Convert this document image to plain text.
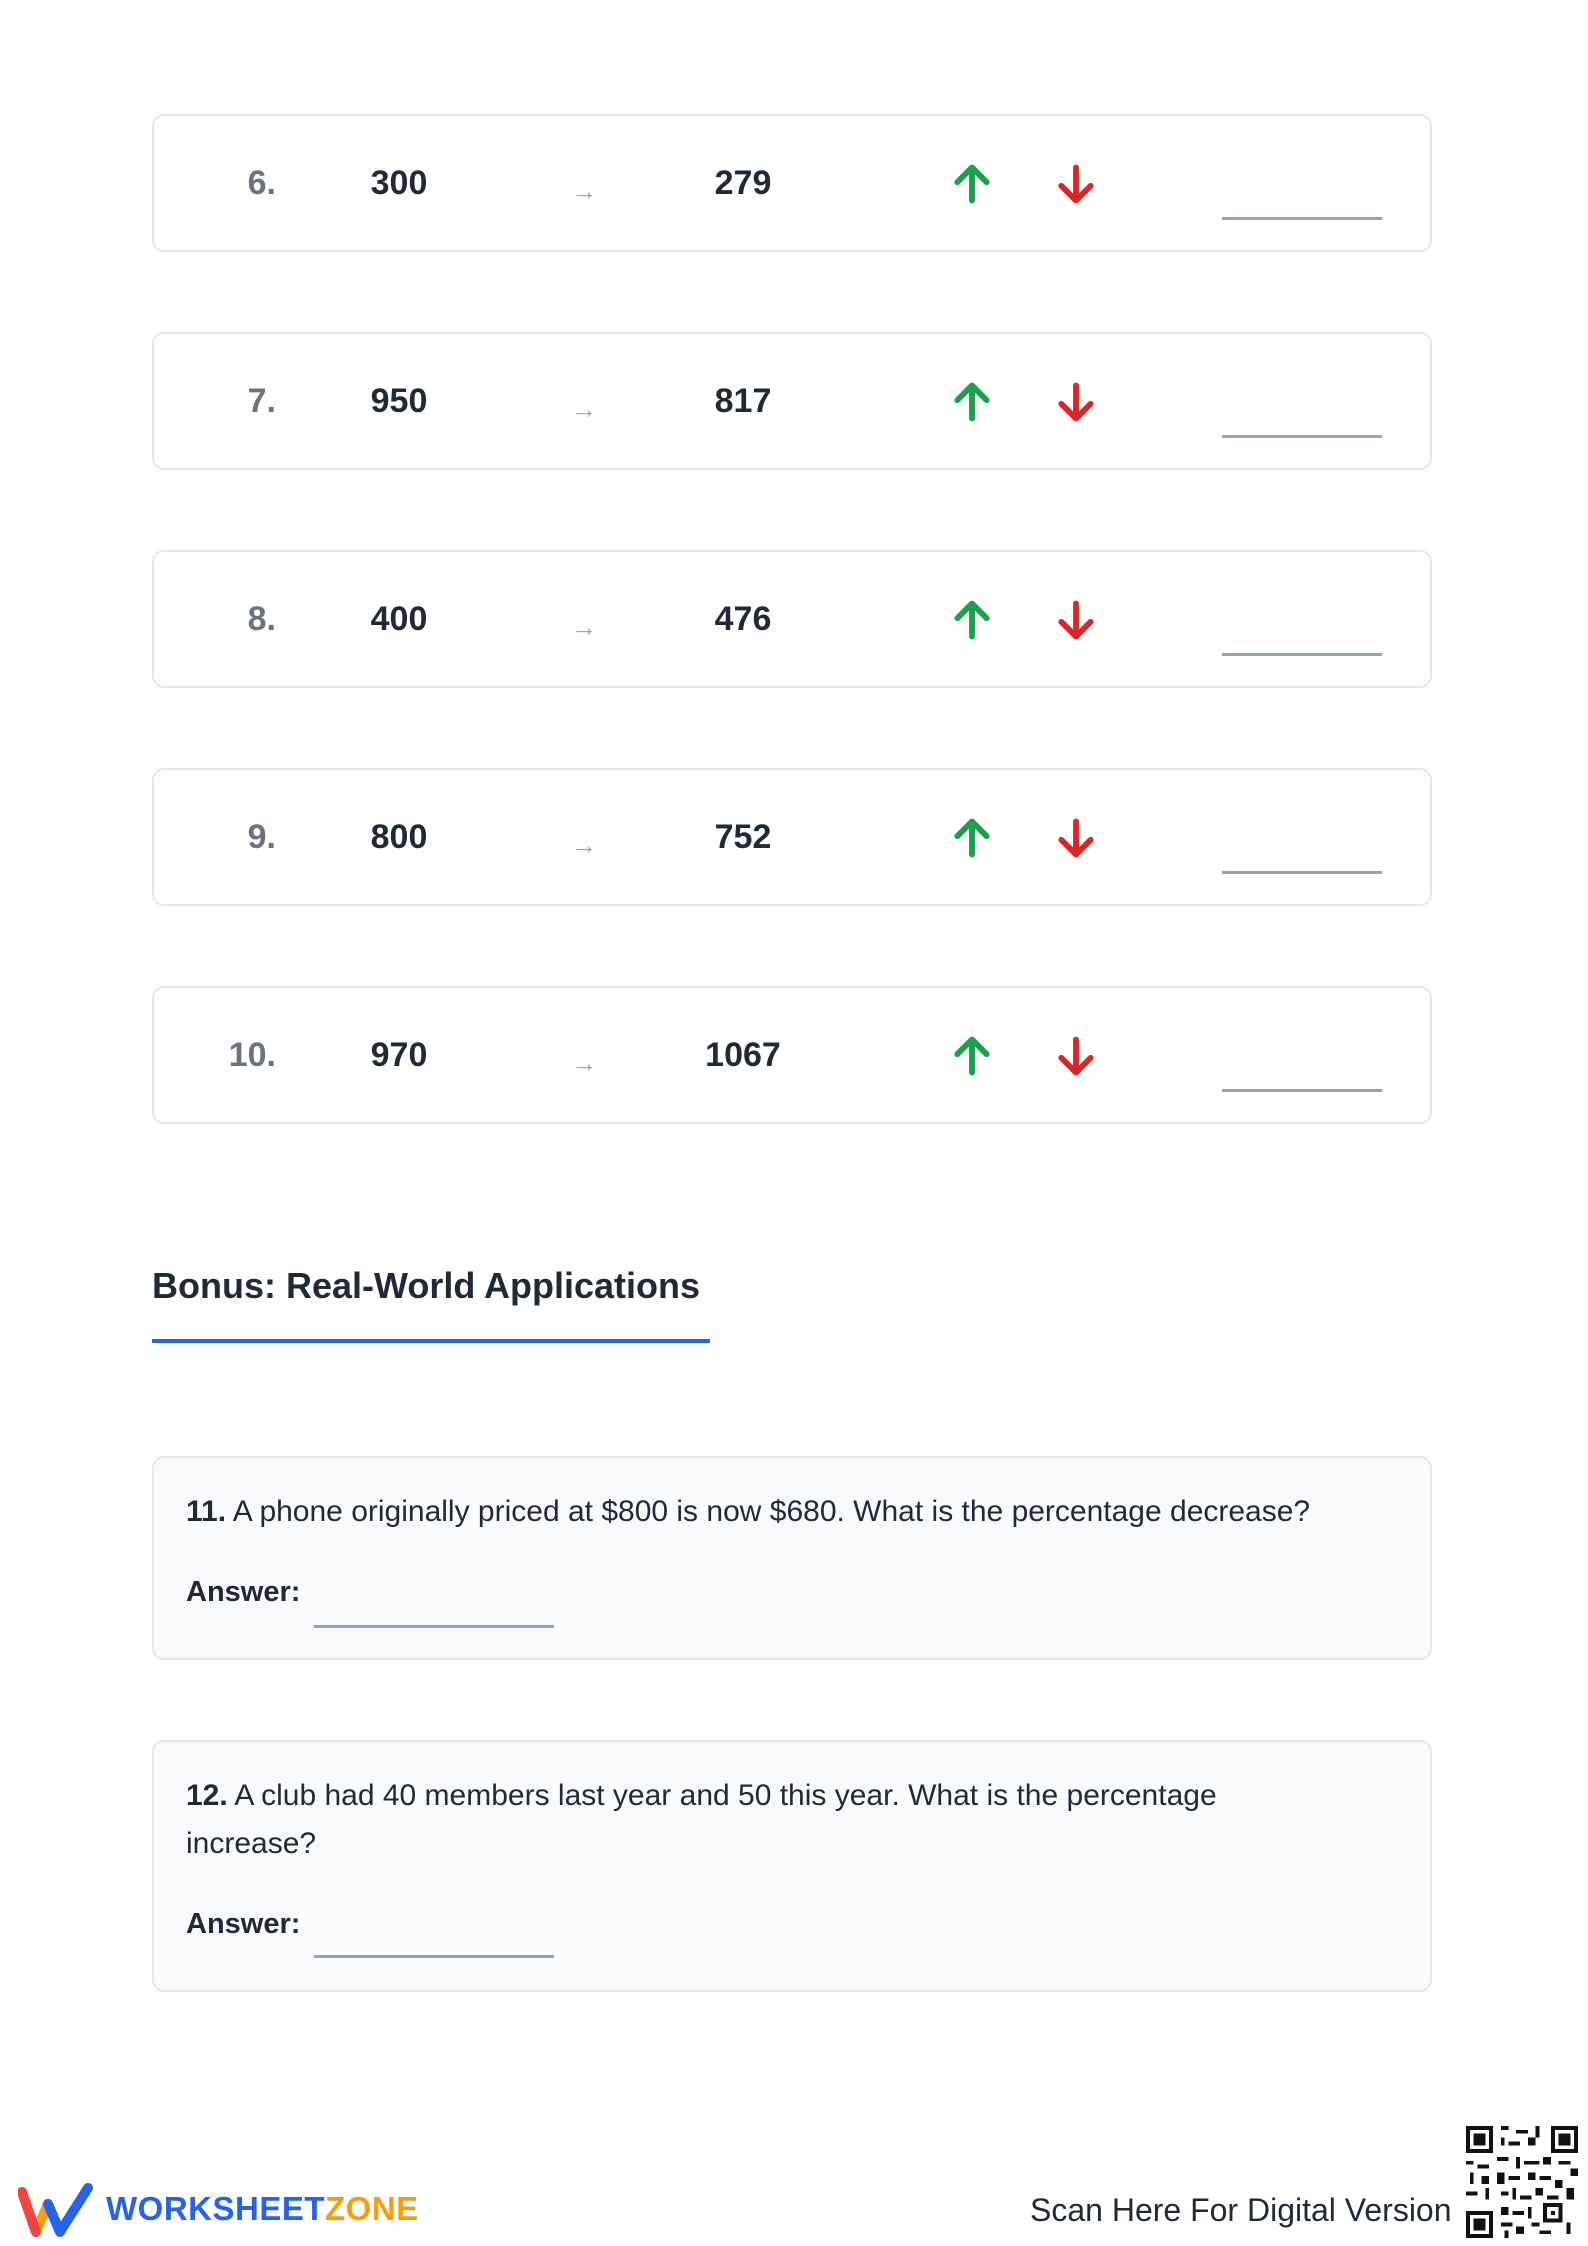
6.	300	→	279
7.	950	→	817
8.	400	→	476
9.	800	→	752
10.	970	→	1067
Bonus: Real-World Applications
11. A phone originally priced at $800 is now $680. What is the percentage decrease?
Answer:
12. A club had 40 members last year and 50 this year. What is the percentage increase?
Answer:
WORKSHEETZONE	Scan Here For Digital Version
